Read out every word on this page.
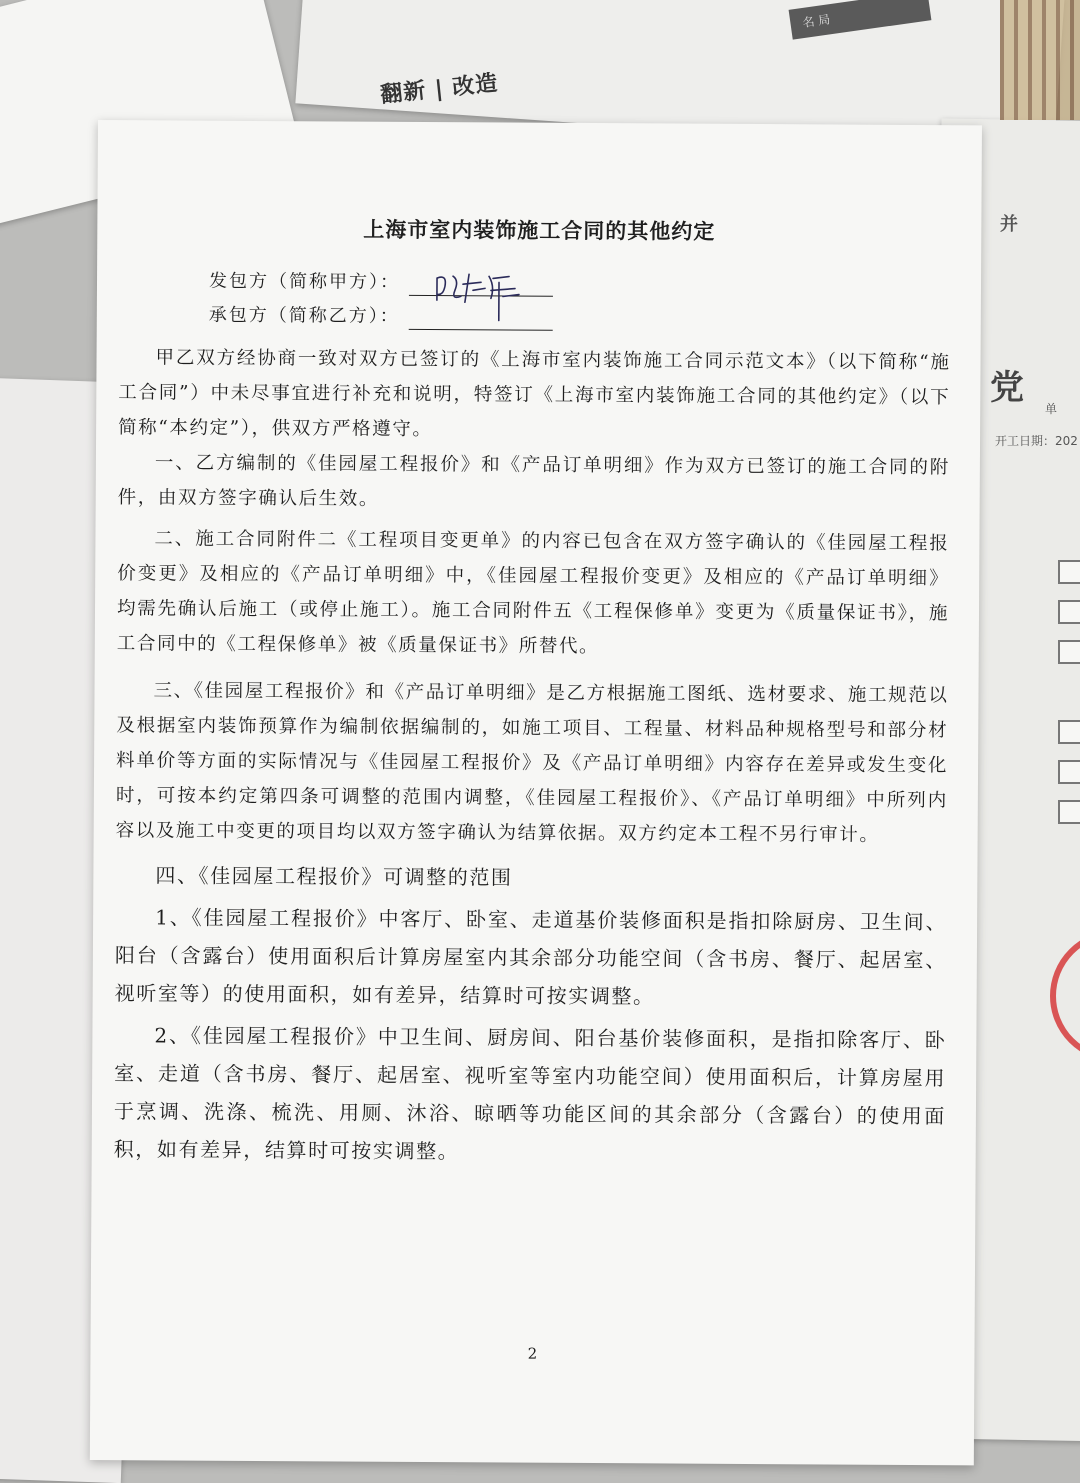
名 局
翻新 | 改造
并
党
开工日期：202
单
上海市室内装饰施工合同的其他约定
发包方（简称甲方）：
承包方（简称乙方）：

甲乙双方经协商一致对双方已签订的《上海市室内装饰施工合同示范文本》（以下简称“施工合同”）中未尽事宜进行补充和说明，特签订《上海市室内装饰施工合同的其他约定》（以下简称“本约定”），供双方严格遵守。

一、乙方编制的《佳园屋工程报价》和《产品订单明细》作为双方已签订的施工合同的附件，由双方签字确认后生效。

二、施工合同附件二《工程项目变更单》的内容已包含在双方签字确认的《佳园屋工程报价变更》及相应的《产品订单明细》中，《佳园屋工程报价变更》及相应的《产品订单明细》均需先确认后施工（或停止施工）。施工合同附件五《工程保修单》变更为《质量保证书》，施工合同中的《工程保修单》被《质量保证书》所替代。

三、《佳园屋工程报价》和《产品订单明细》是乙方根据施工图纸、选材要求、施工规范以及根据室内装饰预算作为编制依据编制的，如施工项目、工程量、材料品种规格型号和部分材料单价等方面的实际情况与《佳园屋工程报价》及《产品订单明细》内容存在差异或发生变化时，可按本约定第四条可调整的范围内调整，《佳园屋工程报价》、《产品订单明细》中所列内容以及施工中变更的项目均以双方签字确认为结算依据。双方约定本工程不另行审计。

四、《佳园屋工程报价》可调整的范围

1、《佳园屋工程报价》中客厅、卧室、走道基价装修面积是指扣除厨房、卫生间、阳台（含露台）使用面积后计算房屋室内其余部分功能空间（含书房、餐厅、起居室、视听室等）的使用面积，如有差异，结算时可按实调整。

2、《佳园屋工程报价》中卫生间、厨房间、阳台基价装修面积，是指扣除客厅、卧室、走道（含书房、餐厅、起居室、视听室等室内功能空间）使用面积后，计算房屋用于烹调、洗涤、梳洗、用厕、沐浴、晾晒等功能区间的其余部分（含露台）的使用面积，如有差异，结算时可按实调整。

2
